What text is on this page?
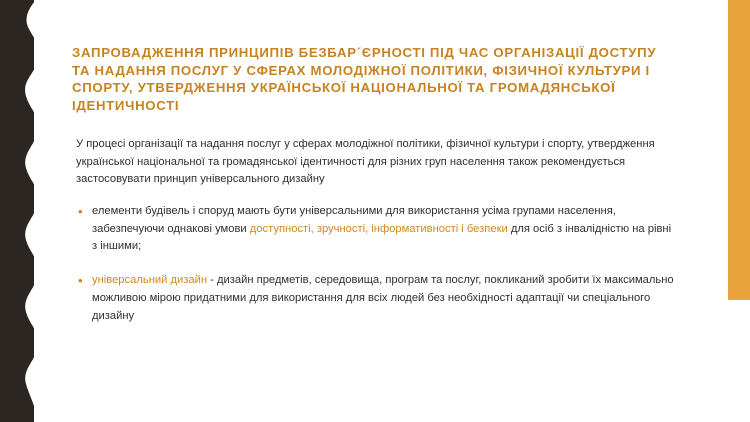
ЗАПРОВАДЖЕННЯ ПРИНЦИПІВ БЕЗБАР´ЄРНОСТІ ПІД ЧАС ОРГАНІЗАЦІЇ ДОСТУПУ ТА НАДАННЯ ПОСЛУГ У СФЕРАХ МОЛОДІЖНОЇ ПОЛІТИКИ, ФІЗИЧНОЇ КУЛЬТУРИ І СПОРТУ, УТВЕРДЖЕННЯ УКРАЇНСЬКОЇ НАЦІОНАЛЬНОЇ ТА ГРОМАДЯНСЬКОЇ ІДЕНТИЧНОСТІ

У процесі організації та надання послуг у сферах молодіжної політики, фізичної культури і спорту, утвердження української національної та громадянської ідентичності для різних груп населення також рекомендується застосовувати принцип універсального дизайну

• елементи будівель і споруд мають бути універсальними для використання усіма групами населення, забезпечуючи однакові умови доступності, зручності, інформативності і безпеки для осіб з інвалідністю на рівні з іншими;
• універсальний дизайн - дизайн предметів, середовища, програм та послуг, покликаний зробити їх максимально можливою мірою придатними для використання для всіх людей без необхідності адаптації чи спеціального дизайну
